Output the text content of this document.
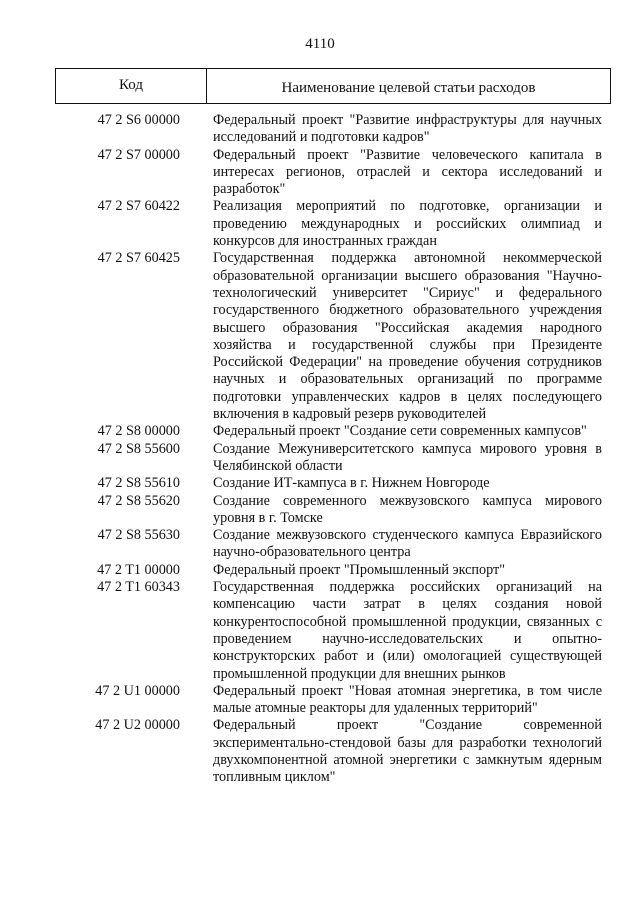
4110
Код	Наименование целевой статьи расходов
47 2 S6 00000 Федеральный проект "Развитие инфраструктуры для научных исследований и подготовки кадров"
47 2 S7 00000 Федеральный проект "Развитие человеческого капитала в интересах регионов, отраслей и сектора исследований и разработок"
47 2 S7 60422 Реализация мероприятий по подготовке, организации и проведению международных и российских олимпиад и конкурсов для иностранных граждан
47 2 S7 60425 Государственная поддержка автономной некоммерческой образовательной организации высшего образования "Научно-технологический университет "Сириус" и федерального государственного бюджетного образовательного учреждения высшего образования "Российская академия народного хозяйства и государственной службы при Президенте Российской Федерации" на проведение обучения сотрудников научных и образовательных организаций по программе подготовки управленческих кадров в целях последующего включения в кадровый резерв руководителей
47 2 S8 00000 Федеральный проект "Создание сети современных кампусов"
47 2 S8 55600 Создание Межуниверситетского кампуса мирового уровня в Челябинской области
47 2 S8 55610 Создание ИТ-кампуса в г. Нижнем Новгороде
47 2 S8 55620 Создание современного межвузовского кампуса мирового уровня в г. Томске
47 2 S8 55630 Создание межвузовского студенческого кампуса Евразийского научно-образовательного центра
47 2 T1 00000 Федеральный проект "Промышленный экспорт"
47 2 T1 60343 Государственная поддержка российских организаций на компенсацию части затрат в целях создания новой конкурентоспособной промышленной продукции, связанных с проведением научно-исследовательских и опытно-конструкторских работ и (или) омологацией существующей промышленной продукции для внешних рынков
47 2 U1 00000 Федеральный проект "Новая атомная энергетика, в том числе малые атомные реакторы для удаленных территорий"
47 2 U2 00000 Федеральный проект "Создание современной экспериментально-стендовой базы для разработки технологий двухкомпонентной атомной энергетики с замкнутым ядерным топливным циклом"
